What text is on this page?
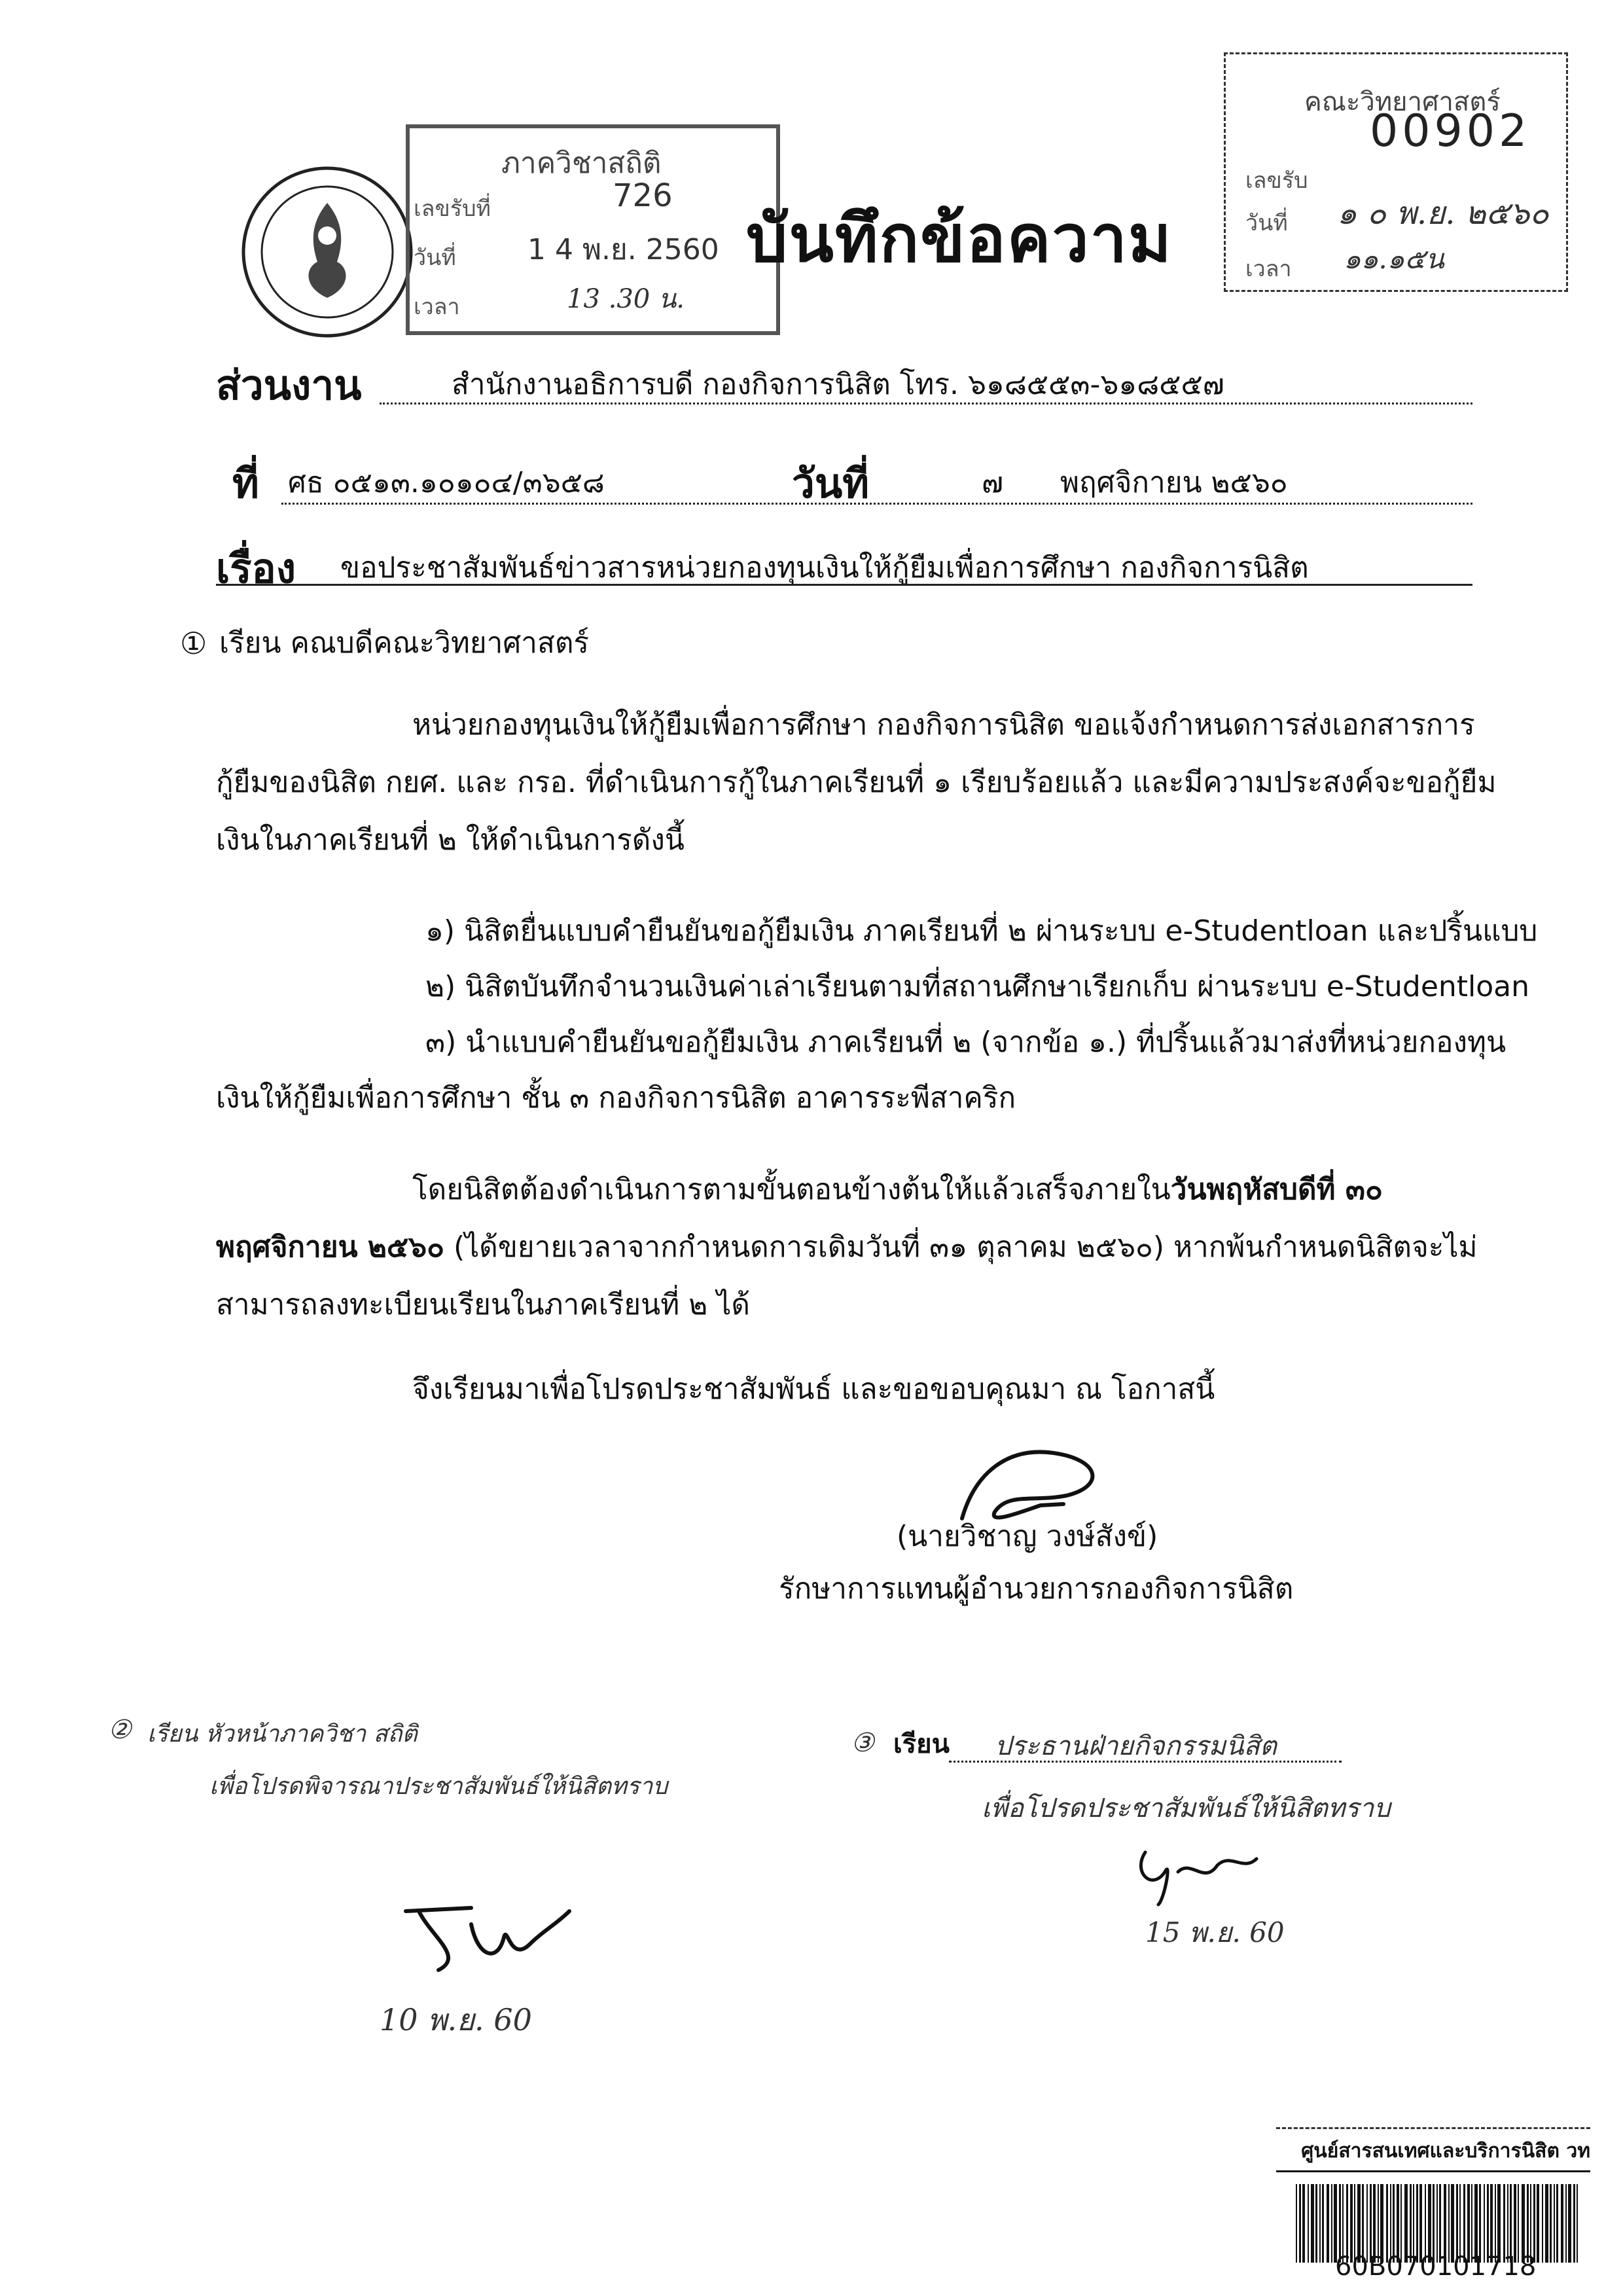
ภาควิชาสถิติ
เลขรับที่	726
วันที่ 1 4 พ.ย. 2560
เวลา	13 .30 น.
บันทึกข้อความ
คณะวิทยาศาสตร์
00902
เลขรับ
วันที่ ๑ ๐ พ.ย. ๒๕๖๐
เวลา ๑๑.๑๕น
ส่วนงาน	สำนักงานอธิการบดี กองกิจการนิสิต โทร. ๖๑๘๕๕๓-๖๑๘๕๕๗
ที่ ศธ ๐๕๑๓.๑๐๑๐๔/๓๖๕๘	วันที่	๗ พฤศจิกายน ๒๕๖๐
เรื่อง ขอประชาสัมพันธ์ข่าวสารหน่วยกองทุนเงินให้กู้ยืมเพื่อการศึกษา กองกิจการนิสิต
① เรียน คณบดีคณะวิทยาศาสตร์
หน่วยกองทุนเงินให้กู้ยืมเพื่อการศึกษา กองกิจการนิสิต ขอแจ้งกำหนดการส่งเอกสารการ
กู้ยืมของนิสิต กยศ. และ กรอ. ที่ดำเนินการกู้ในภาคเรียนที่ ๑ เรียบร้อยแล้ว และมีความประสงค์จะขอกู้ยืม
เงินในภาคเรียนที่ ๒ ให้ดำเนินการดังนี้
๑) นิสิตยื่นแบบคำยืนยันขอกู้ยืมเงิน ภาคเรียนที่ ๒ ผ่านระบบ e-Studentloan และปริ้นแบบ
๒) นิสิตบันทึกจำนวนเงินค่าเล่าเรียนตามที่สถานศึกษาเรียกเก็บ ผ่านระบบ e-Studentloan
๓) นำแบบคำยืนยันขอกู้ยืมเงิน ภาคเรียนที่ ๒ (จากข้อ ๑.) ที่ปริ้นแล้วมาส่งที่หน่วยกองทุน
เงินให้กู้ยืมเพื่อการศึกษา ชั้น ๓ กองกิจการนิสิต อาคารระพีสาคริก
โดยนิสิตต้องดำเนินการตามขั้นตอนข้างต้นให้แล้วเสร็จภายในวันพฤหัสบดีที่ ๓๐
พฤศจิกายน ๒๕๖๐ (ได้ขยายเวลาจากกำหนดการเดิมวันที่ ๓๑ ตุลาคม ๒๕๖๐) หากพ้นกำหนดนิสิตจะไม่
สามารถลงทะเบียนเรียนในภาคเรียนที่ ๒ ได้
จึงเรียนมาเพื่อโปรดประชาสัมพันธ์ และขอขอบคุณมา ณ โอกาสนี้
(นายวิชาญ วงษ์สังข์)
รักษาการแทนผู้อำนวยการกองกิจการนิสิต
② เรียน หัวหน้าภาควิชา สถิติ
เพื่อโปรดพิจารณาประชาสัมพันธ์ให้นิสิตทราบ
10 พ.ย. 60
③ เรียน ประธานฝ่ายกิจกรรมนิสิต
เพื่อโปรดประชาสัมพันธ์ให้นิสิตทราบ
15 พ.ย. 60
ศูนย์สารสนเทศและบริการนิสิต วท
60B070101718
